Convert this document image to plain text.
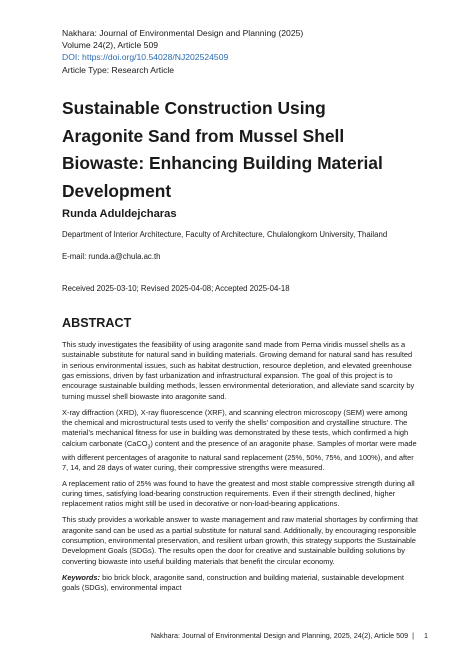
Nakhara: Journal of Environmental Design and Planning (2025)
Volume 24(2), Article 509
DOI: https://doi.org/10.54028/NJ202524509
Article Type: Research Article
Sustainable Construction Using Aragonite Sand from Mussel Shell Biowaste: Enhancing Building Material Development
Runda Aduldejcharas
Department of Interior Architecture, Faculty of Architecture, Chulalongkorn University, Thailand
E-mail: runda.a@chula.ac.th
Received 2025-03-10; Revised 2025-04-08; Accepted 2025-04-18
ABSTRACT

This study investigates the feasibility of using aragonite sand made from Perna viridis mussel shells as a sustainable substitute for natural sand in building materials. Growing demand for natural sand has resulted in serious environmental issues, such as habitat destruction, resource depletion, and elevated greenhouse gas emissions, driven by fast urbanization and infrastructural expansion. The goal of this project is to encourage sustainable building methods, lessen environmental deterioration, and alleviate sand scarcity by turning mussel shell biowaste into aragonite sand.

X-ray diffraction (XRD), X-ray fluorescence (XRF), and scanning electron microscopy (SEM) were among the chemical and microstructural tests used to verify the shells' composition and crystalline structure. The material's mechanical fitness for use in building was demonstrated by these tests, which confirmed a high calcium carbonate (CaCO$_3$) content and the presence of an aragonite phase. Samples of mortar were made with different percentages of aragonite to natural sand replacement (25%, 50%, 75%, and 100%), and after 7, 14, and 28 days of water curing, their compressive strengths were measured.

A replacement ratio of 25% was found to have the greatest and most stable compressive strength during all curing times, satisfying load-bearing construction requirements. Even if their strength declined, higher replacement ratios might still be used in decorative or non-load-bearing applications.

This study provides a workable answer to waste management and raw material shortages by confirming that aragonite sand can be used as a partial substitute for natural sand. Additionally, by encouraging responsible consumption, environmental preservation, and resilient urban growth, this strategy supports the Sustainable Development Goals (SDGs). The results open the door for creative and sustainable building solutions by converting biowaste into useful building materials that benefit the circular economy.

Keywords: bio brick block, aragonite sand, construction and building material, sustainable development goals (SDGs), environmental impact

Nakhara: Journal of Environmental Design and Planning, 2025, 24(2), Article 509 | 1
